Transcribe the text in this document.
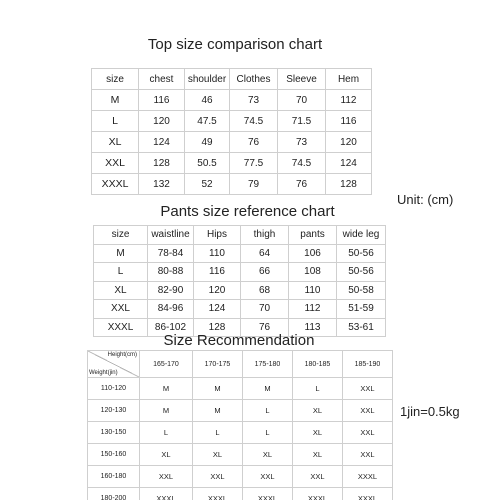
Top size comparison chart
size	chest	shoulder	Clothes	Sleeve	Hem
M	116	46	73	70	112
L	120	47.5	74.5	71.5	116
XL	124	49	76	73	120
XXL	128	50.5	77.5	74.5	124
XXXL	132	52	79	76	128
Unit: (cm)
Pants size reference chart
size	waistline	Hips	thigh	pants	wide leg
M	78-84	110	64	106	50-56
L	80-88	116	66	108	50-56
XL	82-90	120	68	110	50-58
XXL	84-96	124	70	112	51-59
XXXL	86-102	128	76	113	53-61
Size Recommendation
Height(cm)
Weight(jin)	165-170	170-175	175-180	180-185	185-190
110-120	M	M	M	L	XXL
120-130	M	M	L	XL	XXL
130-150	L	L	L	XL	XXL
150-160	XL	XL	XL	XL	XXL
160-180	XXL	XXL	XXL	XXL	XXXL
180-200	XXXL	XXXL	XXXL	XXXL	XXXL
1jin=0.5kg
